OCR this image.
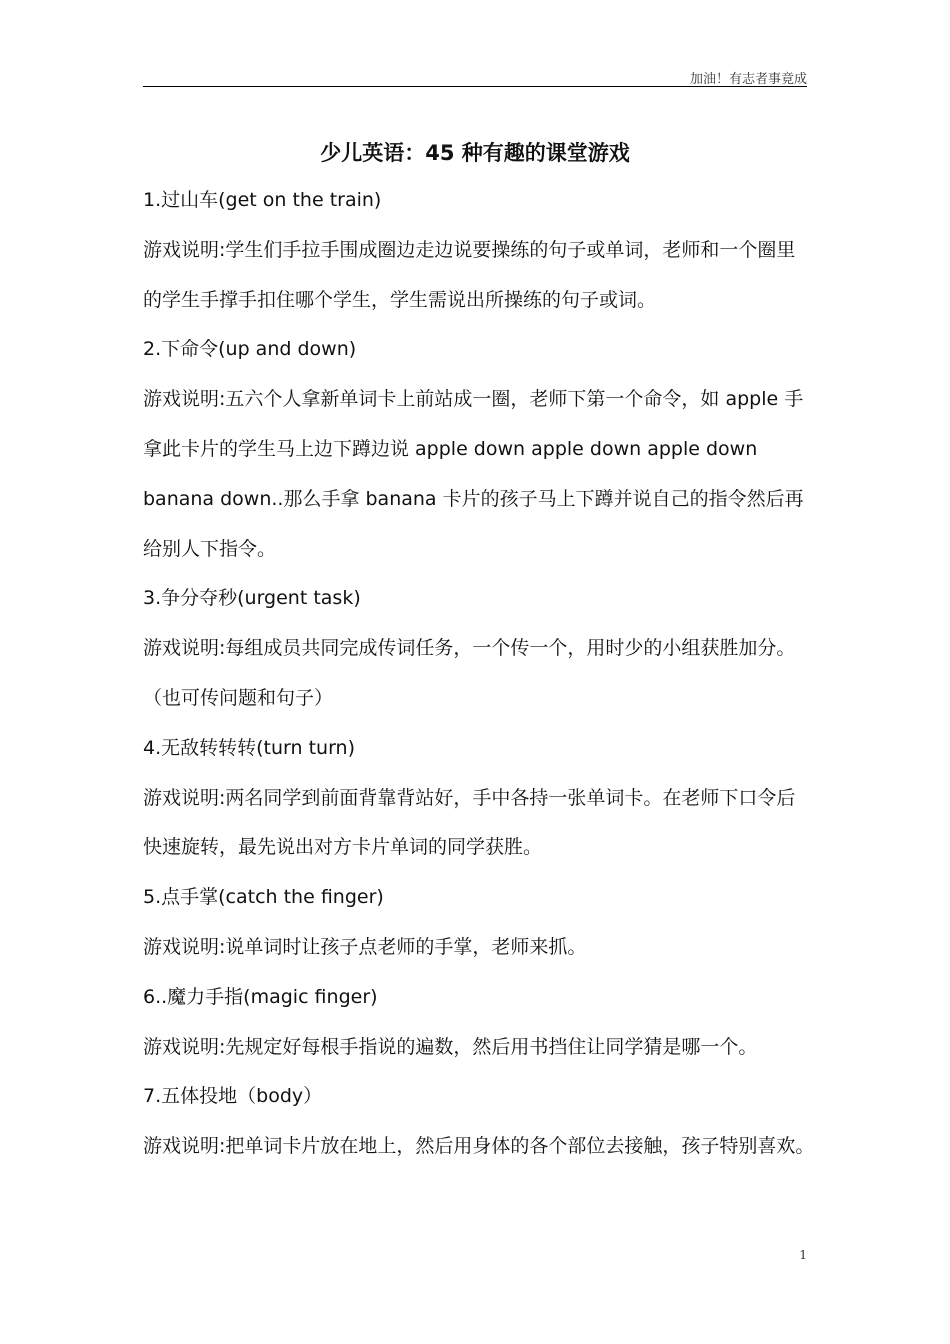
加油！有志者事竟成
少儿英语：45 种有趣的课堂游戏
1.过山车(get on the train)
游戏说明:学生们手拉手围成圈边走边说要操练的句子或单词，老师和一个圈里
的学生手撑手扣住哪个学生，学生需说出所操练的句子或词。
2.下命令(up and down)
游戏说明:五六个人拿新单词卡上前站成一圈，老师下第一个命令，如 apple 手
拿此卡片的学生马上边下蹲边说 apple down apple down apple down
banana down..那么手拿 banana 卡片的孩子马上下蹲并说自己的指令然后再
给别人下指令。
3.争分夺秒(urgent task)
游戏说明:每组成员共同完成传词任务，一个传一个，用时少的小组获胜加分。
（也可传问题和句子）
4.无敌转转转(turn turn)
游戏说明:两名同学到前面背靠背站好，手中各持一张单词卡。在老师下口令后
快速旋转，最先说出对方卡片单词的同学获胜。
5.点手掌(catch the finger)
游戏说明:说单词时让孩子点老师的手掌，老师来抓。
6..魔力手指(magic finger)
游戏说明:先规定好每根手指说的遍数，然后用书挡住让同学猜是哪一个。
7.五体投地（body）
游戏说明:把单词卡片放在地上，然后用身体的各个部位去接触，孩子特别喜欢。
1
